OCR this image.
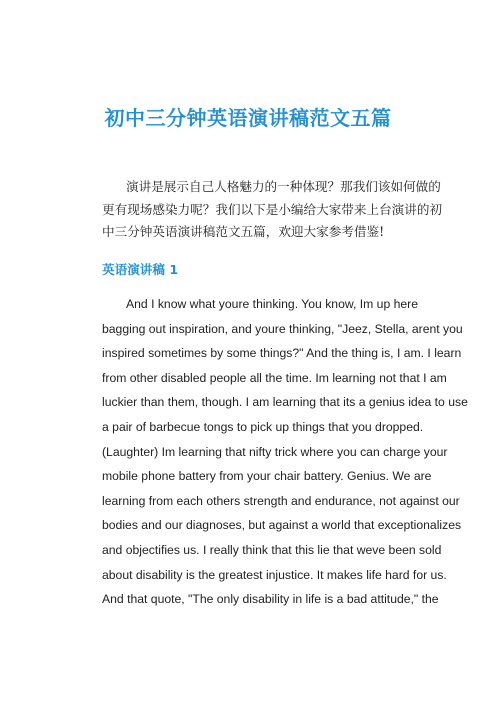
初中三分钟英语演讲稿范文五篇
演讲是展示自己人格魅力的一种体现？那我们该如何做的
更有现场感染力呢？我们以下是小编给大家带来上台演讲的初
中三分钟英语演讲稿范文五篇，欢迎大家参考借鉴!
英语演讲稿 1
And I know what youre thinking. You know, Im up here
bagging out inspiration, and youre thinking, "Jeez, Stella, arent you
inspired sometimes by some things?" And the thing is, I am. I learn
from other disabled people all the time. Im learning not that I am
luckier than them, though. I am learning that its a genius idea to use
a pair of barbecue tongs to pick up things that you dropped.
(Laughter) Im learning that nifty trick where you can charge your
mobile phone battery from your chair battery. Genius. We are
learning from each others strength and endurance, not against our
bodies and our diagnoses, but against a world that exceptionalizes
and objectifies us. I really think that this lie that weve been sold
about disability is the greatest injustice. It makes life hard for us.
And that quote, "The only disability in life is a bad attitude," the
